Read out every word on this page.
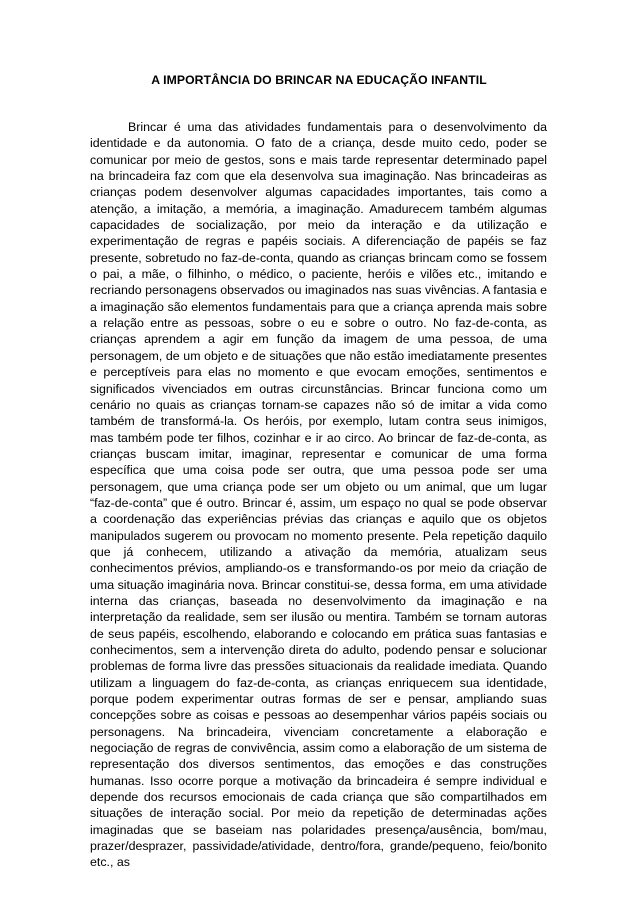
A IMPORTÂNCIA DO BRINCAR NA EDUCAÇÃO INFANTIL

Brincar é uma das atividades fundamentais para o desenvolvimento da identidade e da autonomia. O fato de a criança, desde muito cedo, poder se comunicar por meio de gestos, sons e mais tarde representar determinado papel na brincadeira faz com que ela desenvolva sua imaginação. Nas brincadeiras as crianças podem desenvolver algumas capacidades importantes, tais como a atenção, a imitação, a memória, a imaginação. Amadurecem também algumas capacidades de socialização, por meio da interação e da utilização e experimentação de regras e papéis sociais. A diferenciação de papéis se faz presente, sobretudo no faz-de-conta, quando as crianças brincam como se fossem o pai, a mãe, o filhinho, o médico, o paciente, heróis e vilões etc., imitando e recriando personagens observados ou imaginados nas suas vivências. A fantasia e a imaginação são elementos fundamentais para que a criança aprenda mais sobre a relação entre as pessoas, sobre o eu e sobre o outro. No faz-de-conta, as crianças aprendem a agir em função da imagem de uma pessoa, de uma personagem, de um objeto e de situações que não estão imediatamente presentes e perceptíveis para elas no momento e que evocam emoções, sentimentos e significados vivenciados em outras circunstâncias. Brincar funciona como um cenário no quais as crianças tornam-se capazes não só de imitar a vida como também de transformá-la. Os heróis, por exemplo, lutam contra seus inimigos, mas também pode ter filhos, cozinhar e ir ao circo. Ao brincar de faz-de-conta, as crianças buscam imitar, imaginar, representar e comunicar de uma forma específica que uma coisa pode ser outra, que uma pessoa pode ser uma personagem, que uma criança pode ser um objeto ou um animal, que um lugar “faz-de-conta” que é outro. Brincar é, assim, um espaço no qual se pode observar a coordenação das experiências prévias das crianças e aquilo que os objetos manipulados sugerem ou provocam no momento presente. Pela repetição daquilo que já conhecem, utilizando a ativação da memória, atualizam seus conhecimentos prévios, ampliando-os e transformando-os por meio da criação de uma situação imaginária nova. Brincar constitui-se, dessa forma, em uma atividade interna das crianças, baseada no desenvolvimento da imaginação e na interpretação da realidade, sem ser ilusão ou mentira. Também se tornam autoras de seus papéis, escolhendo, elaborando e colocando em prática suas fantasias e conhecimentos, sem a intervenção direta do adulto, podendo pensar e solucionar problemas de forma livre das pressões situacionais da realidade imediata. Quando utilizam a linguagem do faz-de-conta, as crianças enriquecem sua identidade, porque podem experimentar outras formas de ser e pensar, ampliando suas concepções sobre as coisas e pessoas ao desempenhar vários papéis sociais ou personagens. Na brincadeira, vivenciam concretamente a elaboração e negociação de regras de convivência, assim como a elaboração de um sistema de representação dos diversos sentimentos, das emoções e das construções humanas. Isso ocorre porque a motivação da brincadeira é sempre individual e depende dos recursos emocionais de cada criança que são compartilhados em situações de interação social. Por meio da repetição de determinadas ações imaginadas que se baseiam nas polaridades presença/ausência, bom/mau, prazer/desprazer, passividade/atividade, dentro/fora, grande/pequeno, feio/bonito etc., as
